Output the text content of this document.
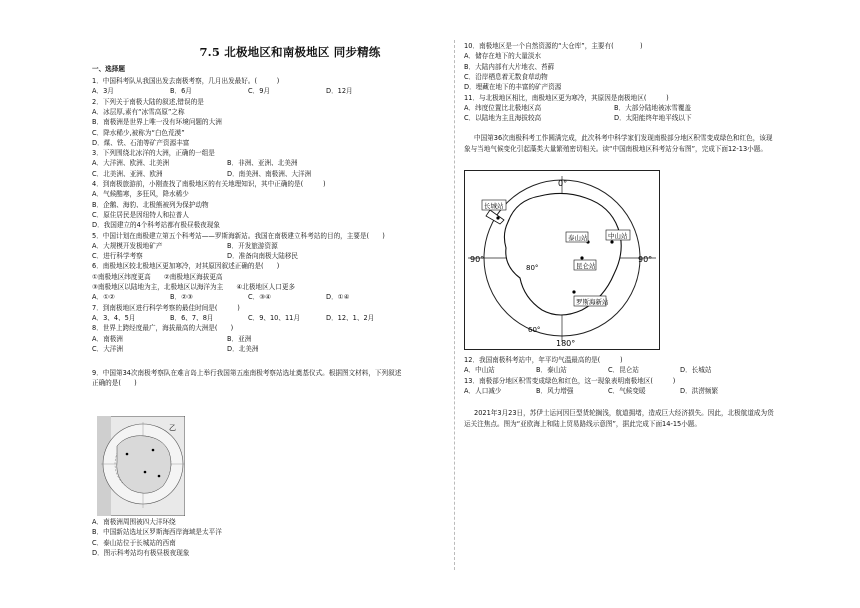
7.5 北极地区和南极地区 同步精练
一、选择题
1．中国科考队从我国出发去南极考察，几月出发最好。(　　　)
A．3月	B．6月	C．9月	D．12月
2．下列关于南极大陆的叙述,错误的是
A．冰层厚,素有“冰雪高原”之称
B．南极洲是世界上唯一没有环境问题的大洲
C．降水稀少,被称为“白色荒漠”
D．煤、铁、石油等矿产资源丰富
3．下列围绕北冰洋的大洲，正确的一组是
A．大洋洲、欧洲、北美洲	B．非洲、亚洲、北美洲
C．北美洲、亚洲、欧洲	D．南美洲、南极洲、大洋洲
4．到南极旅游前，小刚查找了南极地区的有关地理知识，其中正确的是(　　　)
A．气候酷寒，多狂风，降水稀少
B．企鹅、海豹、北极熊被列为保护动物
C．原住居民是因纽特人和拉普人
D．我国建立的4个科考站都有极昼极夜现象
5．中国计划在南极建立第五个科考站——罗斯海新站。我国在南极建立科考站的目的，主要是(　　)
A．大规模开发极地矿产	B．开发旅游资源
C．进行科学考察	D．准备向南极大陆移民
6．南极地区较北极地区更加寒冷，对其原因叙述正确的是(　　)
①南极地区纬度更高　　②南极地区海拔更高
③南极地区以陆地为主，北极地区以海洋为主　　④北极地区人口更多
A．①②	B．②③	C．③④	D．①④
7．到南极地区进行科学考察的最佳时间是(　　　)
A．3、4、5月	B．6、7、8月	C．9、10、11月	D．12、1、2月
8．世界上跨经度最广，海拔最高的大洲是(　　)
A．南极洲	B．亚洲
C．大洋洲	D．北美洲
9．中国第34次南极考察队在难言岛上举行我国第五座南极考察站选址奠基仪式。根据图文材料，下列叙述
正确的是(　　)
A．南极洲周围被四大洋环绕
B．中国新站选址区罗斯海西岸海域是太平洋
C．泰山站位于长城站的西南
D．图示科考站均有极昼极夜现象
10．南极地区是一个自然资源的“大仓库”，主要有(　　　　)
A．储存在地下的大量淡水
B．大陆内部有大片地衣、苔藓
C．沿岸栖息着无数食草动物
D．埋藏在地下的丰富的矿产资源
11．与北极地区相比，南极地区更为寒冷，其原因是南极地区(　　　)
A．纬度位置比北极地区高	B．大部分陆地被冰雪覆盖
C．以陆地为主且海拔较高	D．太阳能终年地平线以下
中国第36次南极科考工作圆满完成，此次科考中科学家们发现南极部分地区积雪变成绿色和红色，该现
象与当地气候变化引起藻类大量繁殖密切相关。读“中国南极地区科考站分布图”，完成下面12-13小题。
12．我国南极科考站中，年平均气温最高的是(　　　)
A．中山站	B．泰山站	C．昆仑站	D．长城站
13．南极部分地区积雪变成绿色和红色，这一现象表明南极地区(　　　)
A．人口减少	B．风力增强	C．气候变暖	D．洪涝频繁
2021年3月23日，苏伊士运河因巨型货轮搁浅，航道拥堵，造成巨大经济损失。因此，北极航道成为货
运关注焦点。图为“亚欧海上和陆上贸易路线示意图”，据此完成下面14-15小题。
乙
0°
90°	90°
180°
80°
60°
长城站
泰山站	中山站
昆仑站
罗斯海新站
